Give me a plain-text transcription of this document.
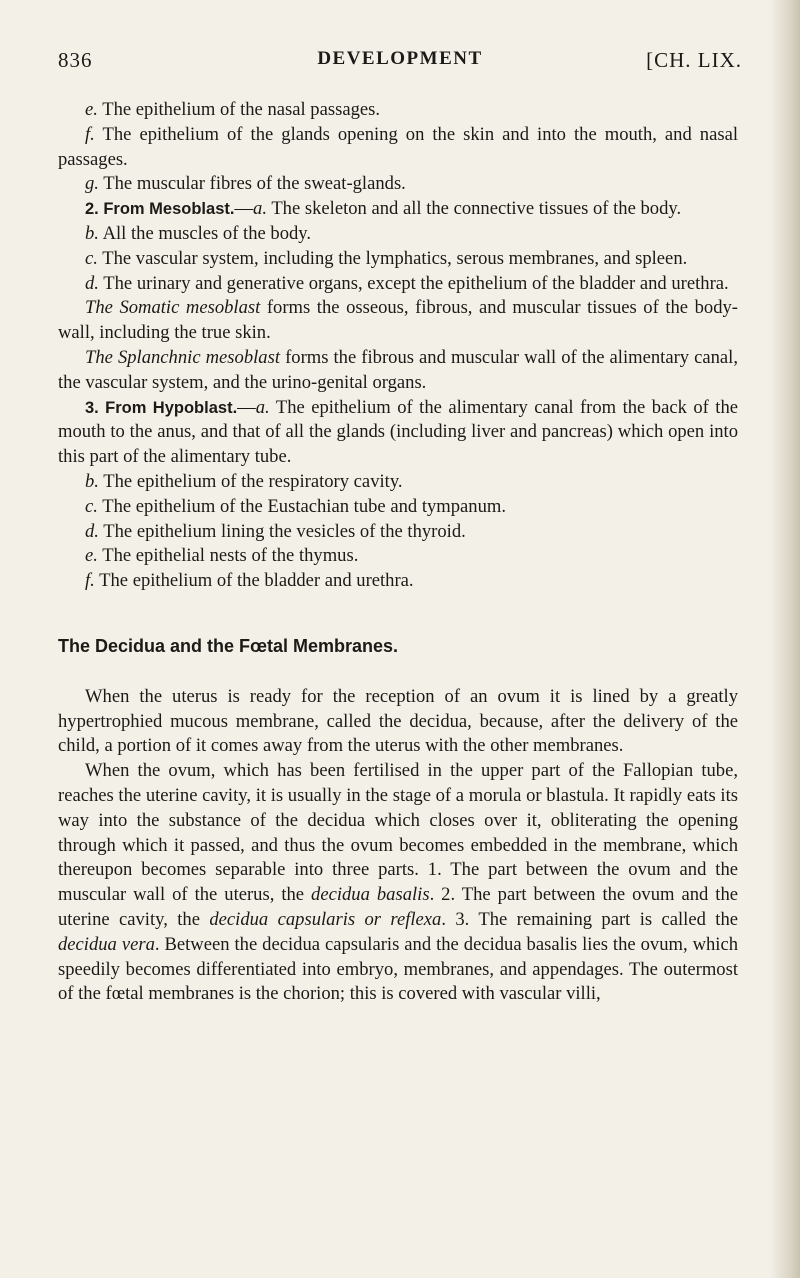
836	DEVELOPMENT	[CH. LIX.

e. The epithelium of the nasal passages.

f. The epithelium of the glands opening on the skin and into the mouth, and nasal passages.

g. The muscular fibres of the sweat-glands.

2. From Mesoblast.—a. The skeleton and all the connective tissues of the body.

b. All the muscles of the body.

c. The vascular system, including the lymphatics, serous membranes, and spleen.

d. The urinary and generative organs, except the epithelium of the bladder and urethra.

The Somatic mesoblast forms the osseous, fibrous, and muscular tissues of the body-wall, including the true skin.

The Splanchnic mesoblast forms the fibrous and muscular wall of the alimentary canal, the vascular system, and the urino-genital organs.

3. From Hypoblast.—a. The epithelium of the alimentary canal from the back of the mouth to the anus, and that of all the glands (including liver and pancreas) which open into this part of the alimentary tube.

b. The epithelium of the respiratory cavity.

c. The epithelium of the Eustachian tube and tympanum.

d. The epithelium lining the vesicles of the thyroid.

e. The epithelial nests of the thymus.

f. The epithelium of the bladder and urethra.

The Decidua and the Fœtal Membranes.

When the uterus is ready for the reception of an ovum it is lined by a greatly hypertrophied mucous membrane, called the decidua, because, after the delivery of the child, a portion of it comes away from the uterus with the other membranes.

When the ovum, which has been fertilised in the upper part of the Fallopian tube, reaches the uterine cavity, it is usually in the stage of a morula or blastula. It rapidly eats its way into the substance of the decidua which closes over it, obliterating the opening through which it passed, and thus the ovum becomes embedded in the membrane, which thereupon becomes separable into three parts. 1. The part between the ovum and the muscular wall of the uterus, the decidua basalis. 2. The part between the ovum and the uterine cavity, the decidua capsularis or reflexa. 3. The remaining part is called the decidua vera. Between the decidua capsularis and the decidua basalis lies the ovum, which speedily becomes differentiated into embryo, membranes, and appendages. The outermost of the fœtal membranes is the chorion; this is covered with vascular villi,
